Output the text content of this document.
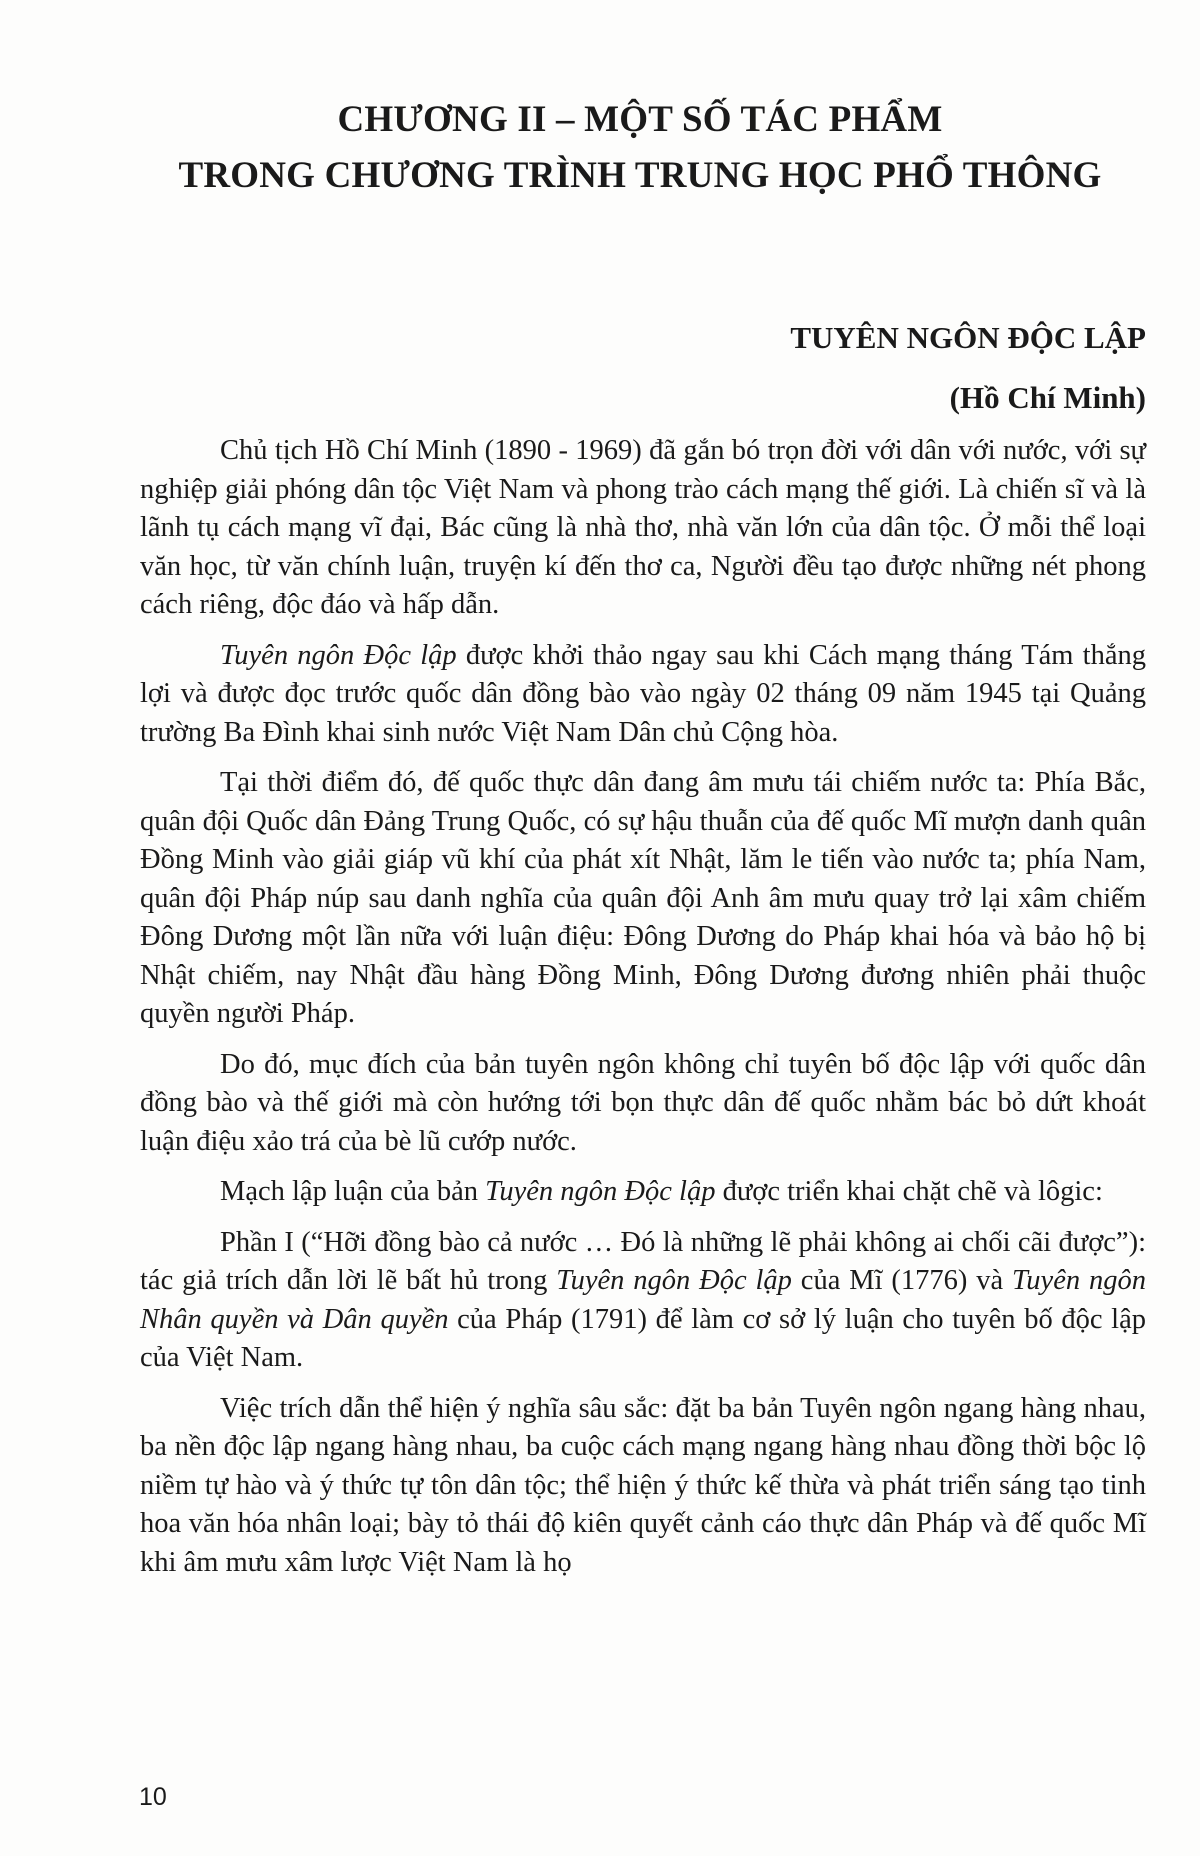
CHƯƠNG II – MỘT SỐ TÁC PHẨM
TRONG CHƯƠNG TRÌNH TRUNG HỌC PHỔ THÔNG
TUYÊN NGÔN ĐỘC LẬP
(Hồ Chí Minh)

Chủ tịch Hồ Chí Minh (1890 - 1969) đã gắn bó trọn đời với dân với nước, với sự nghiệp giải phóng dân tộc Việt Nam và phong trào cách mạng thế giới. Là chiến sĩ và là lãnh tụ cách mạng vĩ đại, Bác cũng là nhà thơ, nhà văn lớn của dân tộc. Ở mỗi thể loại văn học, từ văn chính luận, truyện kí đến thơ ca, Người đều tạo được những nét phong cách riêng, độc đáo và hấp dẫn.

Tuyên ngôn Độc lập được khởi thảo ngay sau khi Cách mạng tháng Tám thắng lợi và được đọc trước quốc dân đồng bào vào ngày 02 tháng 09 năm 1945 tại Quảng trường Ba Đình khai sinh nước Việt Nam Dân chủ Cộng hòa.

Tại thời điểm đó, đế quốc thực dân đang âm mưu tái chiếm nước ta: Phía Bắc, quân đội Quốc dân Đảng Trung Quốc, có sự hậu thuẫn của đế quốc Mĩ mượn danh quân Đồng Minh vào giải giáp vũ khí của phát xít Nhật, lăm le tiến vào nước ta; phía Nam, quân đội Pháp núp sau danh nghĩa của quân đội Anh âm mưu quay trở lại xâm chiếm Đông Dương một lần nữa với luận điệu: Đông Dương do Pháp khai hóa và bảo hộ bị Nhật chiếm, nay Nhật đầu hàng Đồng Minh, Đông Dương đương nhiên phải thuộc quyền người Pháp.

Do đó, mục đích của bản tuyên ngôn không chỉ tuyên bố độc lập với quốc dân đồng bào và thế giới mà còn hướng tới bọn thực dân đế quốc nhằm bác bỏ dứt khoát luận điệu xảo trá của bè lũ cướp nước.

Mạch lập luận của bản Tuyên ngôn Độc lập được triển khai chặt chẽ và lôgic:

Phần I (“Hỡi đồng bào cả nước … Đó là những lẽ phải không ai chối cãi được”): tác giả trích dẫn lời lẽ bất hủ trong Tuyên ngôn Độc lập của Mĩ (1776) và Tuyên ngôn Nhân quyền và Dân quyền của Pháp (1791) để làm cơ sở lý luận cho tuyên bố độc lập của Việt Nam.

Việc trích dẫn thể hiện ý nghĩa sâu sắc: đặt ba bản Tuyên ngôn ngang hàng nhau, ba nền độc lập ngang hàng nhau, ba cuộc cách mạng ngang hàng nhau đồng thời bộc lộ niềm tự hào và ý thức tự tôn dân tộc; thể hiện ý thức kế thừa và phát triển sáng tạo tinh hoa văn hóa nhân loại; bày tỏ thái độ kiên quyết cảnh cáo thực dân Pháp và đế quốc Mĩ khi âm mưu xâm lược Việt Nam là họ

10
